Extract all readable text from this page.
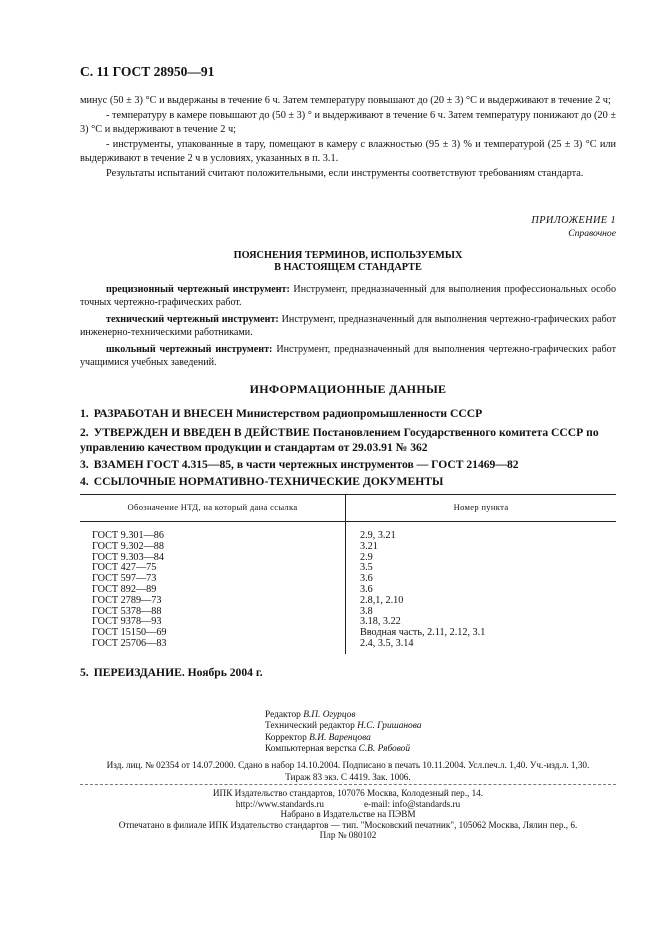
С. 11 ГОСТ 28950—91

минус (50 ± 3) °С и выдержаны в течение 6 ч. Затем температуру повышают до (20 ± 3) °С и выдерживают в течение 2 ч;

- температуру в камере повышают до (50 ± 3) ° и выдерживают в течение 6 ч. Затем температуру понижают до (20 ± 3) °С и выдерживают в течение 2 ч;

- инструменты, упакованные в тару, помещают в камеру с влажностью (95 ± 3) % и температурой (25 ± 3) °С или выдерживают в течение 2 ч в условиях, указанных в п. 3.1.

Результаты испытаний считают положительными, если инструменты соответствуют требованиям стандарта.

ПРИЛОЖЕНИЕ 1
Справочное
ПОЯСНЕНИЯ ТЕРМИНОВ, ИСПОЛЬЗУЕМЫХ
В НАСТОЯЩЕМ СТАНДАРТЕ

прецизионный чертежный инструмент: Инструмент, предназначенный для выполнения профессиональных особо точных чертежно-графических работ.

технический чертежный инструмент: Инструмент, предназначенный для выполнения чертежно-графических работ инженерно-техническими работниками.

школьный чертежный инструмент: Инструмент, предназначенный для выполнения чертежно-графических работ учащимися учебных заведений.

ИНФОРМАЦИОННЫЕ ДАННЫЕ
1. РАЗРАБОТАН И ВНЕСЕН Министерством радиопромышленности СССР
2. УТВЕРЖДЕН И ВВЕДЕН В ДЕЙСТВИЕ Постановлением Государственного комитета СССР по управлению качеством продукции и стандартам от 29.03.91 № 362
3. ВЗАМЕН ГОСТ 4.315—85, в части чертежных инструментов — ГОСТ 21469—82
4. ССЫЛОЧНЫЕ НОРМАТИВНО-ТЕХНИЧЕСКИЕ ДОКУМЕНТЫ
Обозначение НТД, на который дана ссылка	Номер пункта
ГОСТ 9.301—86	2.9, 3.21
ГОСТ 9.302—88	3.21
ГОСТ 9.303—84	2.9
ГОСТ 427—75	3.5
ГОСТ 597—73	3.6
ГОСТ 892—89	3.6
ГОСТ 2789—73	2.8,1, 2.10
ГОСТ 5378—88	3.8
ГОСТ 9378—93	3.18, 3.22
ГОСТ 15150—69	Вводная часть, 2.11, 2.12, 3.1
ГОСТ 25706—83	2.4, 3.5, 3.14
5. ПЕРЕИЗДАНИЕ. Ноябрь 2004 г.
Редактор В.П. Огурцов
Технический редактор Н.С. Гришанова
Корректор В.И. Варенцова
Компьютерная верстка С.В. Рябовой
Изд. лиц. № 02354 от 14.07.2000. Сдано в набор 14.10.2004. Подписано в печать 10.11.2004. Усл.печ.л. 1,40. Уч.-изд.л. 1,30.
Тираж 83 экз. С 4419. Зак. 1006.
ИПК Издательство стандартов, 107076 Москва, Колодезный пер., 14.
http://www.standards.ru	e-mail: info@standards.ru
Набрано в Издательстве на ПЭВМ
Отпечатано в филиале ИПК Издательство стандартов — тип. "Московский печатник", 105062 Москва, Лялин пер., 6.
Плр № 080102
